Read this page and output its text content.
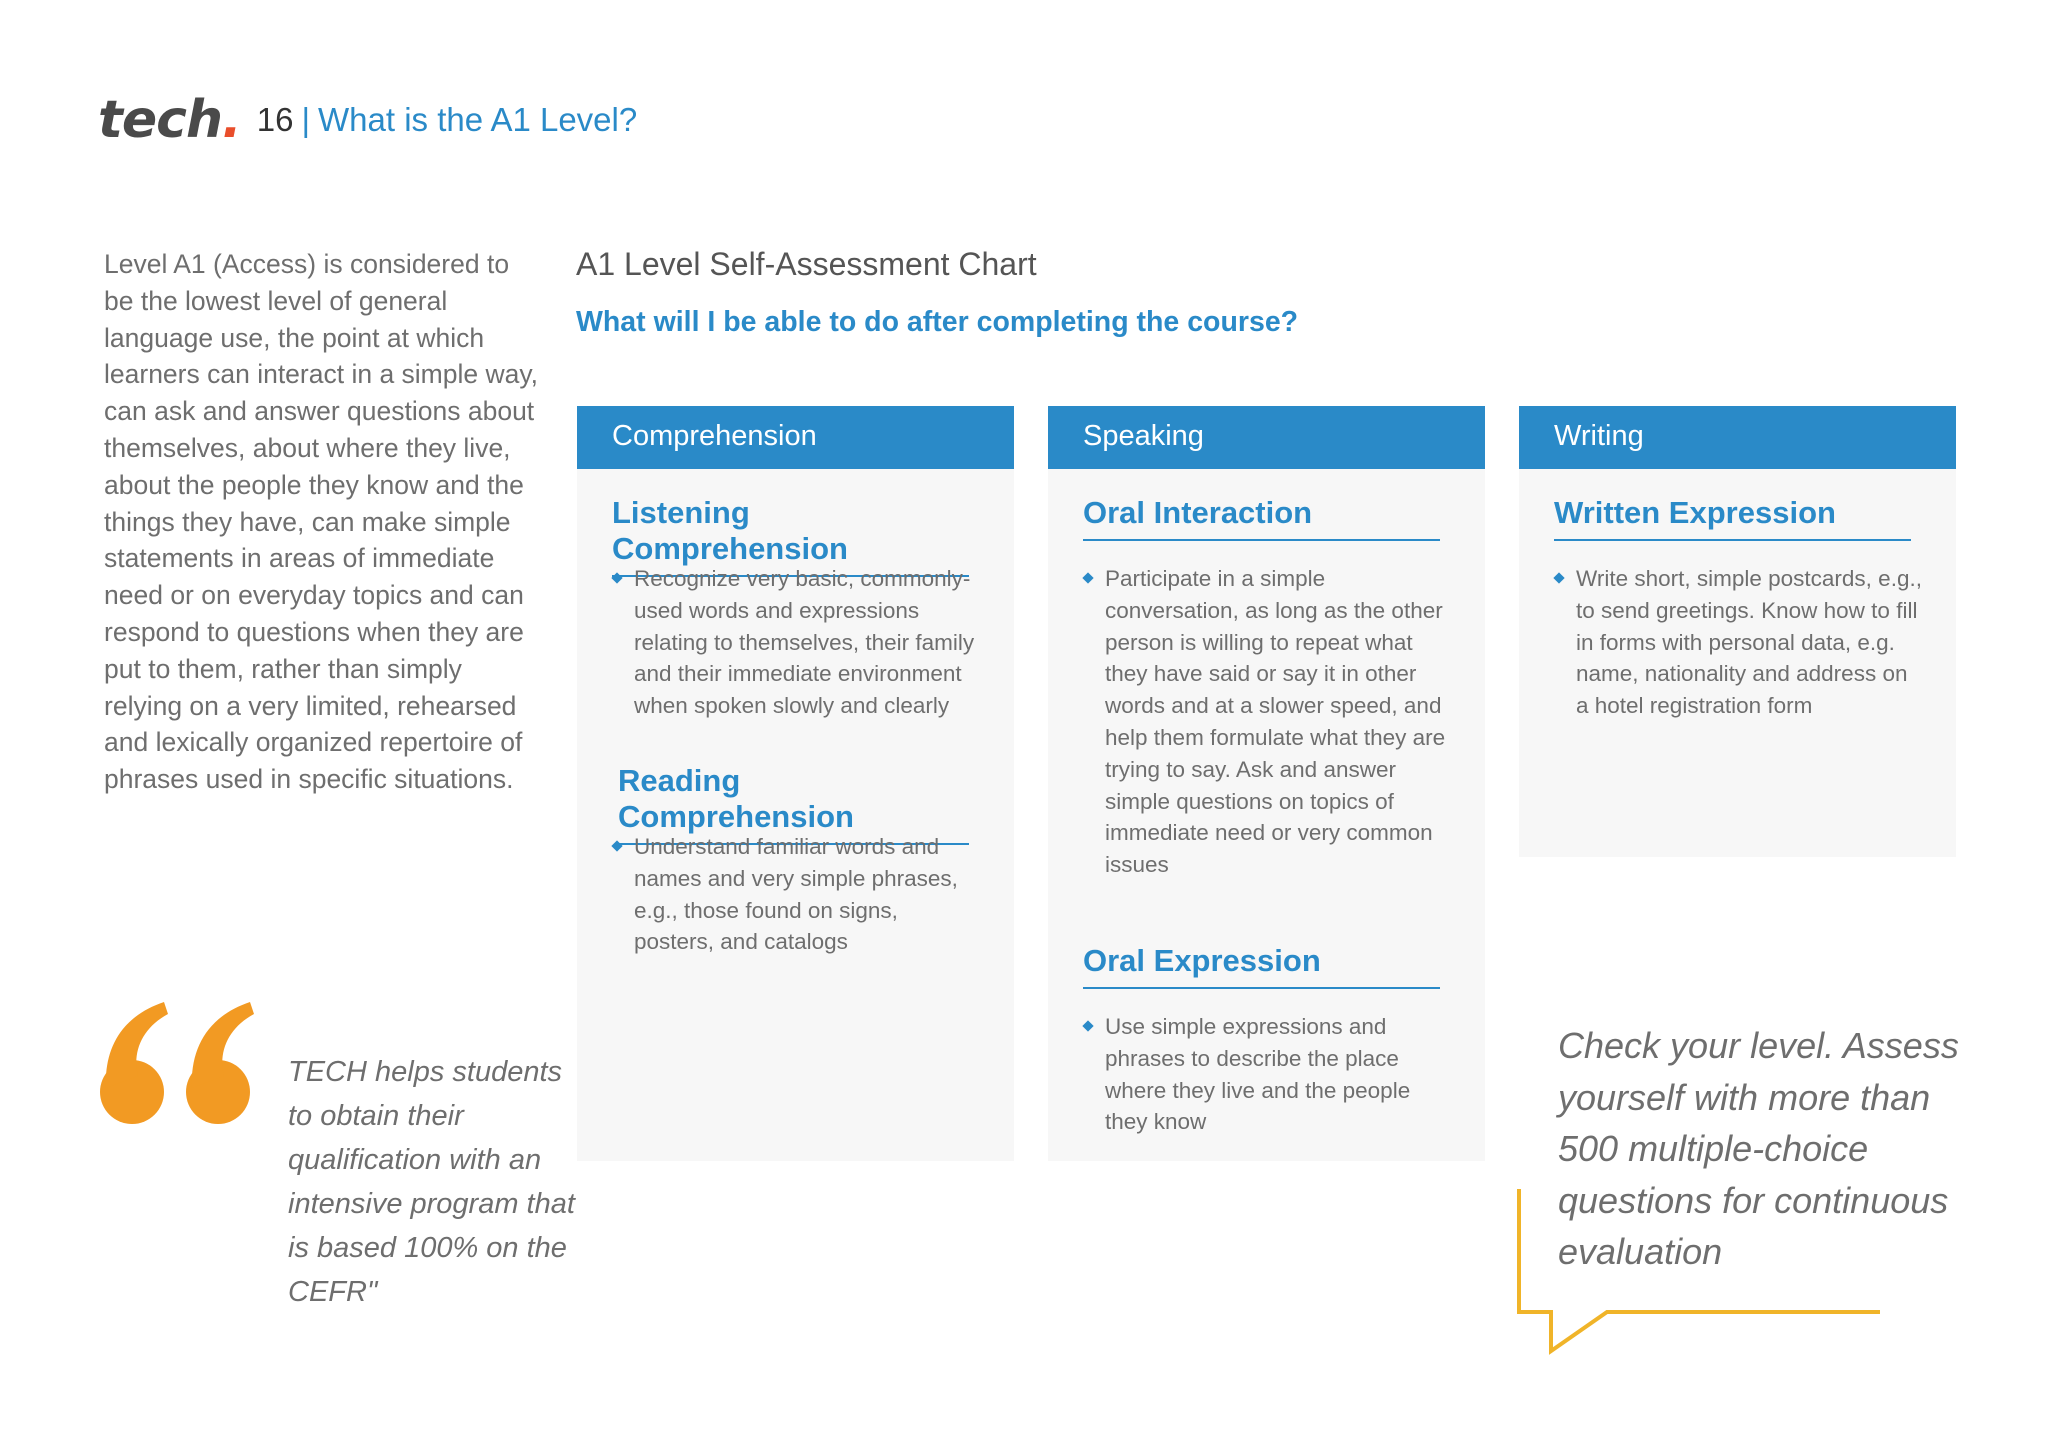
tech . 16 | What is the A1 Level?

Level A1 (Access) is considered to be the lowest level of general language use, the point at which learners can interact in a simple way, can ask and answer questions about themselves, about where they live, about the people they know and the things they have, can make simple statements in areas of immediate need or on everyday topics and can respond to questions when they are put to them, rather than simply relying on a very limited, rehearsed and lexically organized repertoire of phrases used in specific situations.

TECH helps students to obtain their qualification with an intensive program that is based 100% on the CEFR"

A1 Level Self-Assessment Chart
What will I be able to do after completing the course?
Comprehension
Listening Comprehension
Recognize very basic, commonly-used words and expressions relating to themselves, their family and their immediate environment when spoken slowly and clearly
Reading Comprehension
Understand familiar words and names and very simple phrases, e.g., those found on signs, posters, and catalogs
Speaking
Oral Interaction
Participate in a simple conversation, as long as the other person is willing to repeat what they have said or say it in other words and at a slower speed, and help them formulate what they are trying to say. Ask and answer simple questions on topics of immediate need or very common issues
Oral Expression
Use simple expressions and phrases to describe the place where they live and the people they know
Writing
Written Expression
Write short, simple postcards, e.g., to send greetings. Know how to fill in forms with personal data, e.g. name, nationality and address on a hotel registration form

Check your level. Assess yourself with more than 500 multiple-choice questions for continuous evaluation
